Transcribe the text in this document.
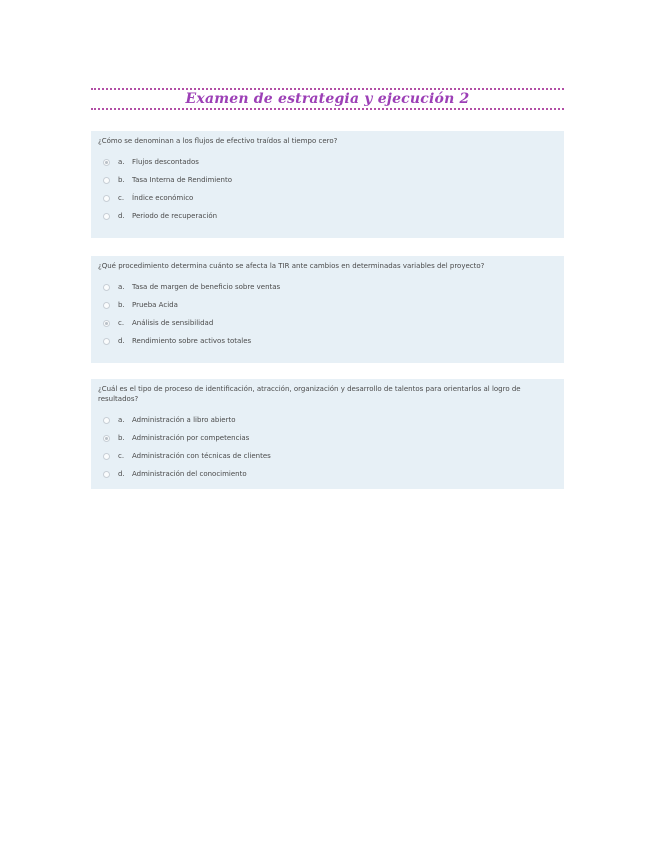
Examen de estrategia y ejecución 2

¿Cómo se denominan a los flujos de efectivo traídos al tiempo cero?

a.	Flujos descontados
b.	Tasa Interna de Rendimiento
c.	Índice económico
d.	Periodo de recuperación

¿Qué procedimiento determina cuánto se afecta la TIR ante cambios en determinadas variables del proyecto?

a.	Tasa de margen de beneficio sobre ventas
b.	Prueba Acida
c.	Análisis de sensibilidad
d.	Rendimiento sobre activos totales

¿Cuál es el tipo de proceso de identificación, atracción, organización y desarrollo de talentos para orientarlos al logro de resultados?

a.	Administración a libro abierto
b.	Administración por competencias
c.	Administración con técnicas de clientes
d.	Administración del conocimiento
